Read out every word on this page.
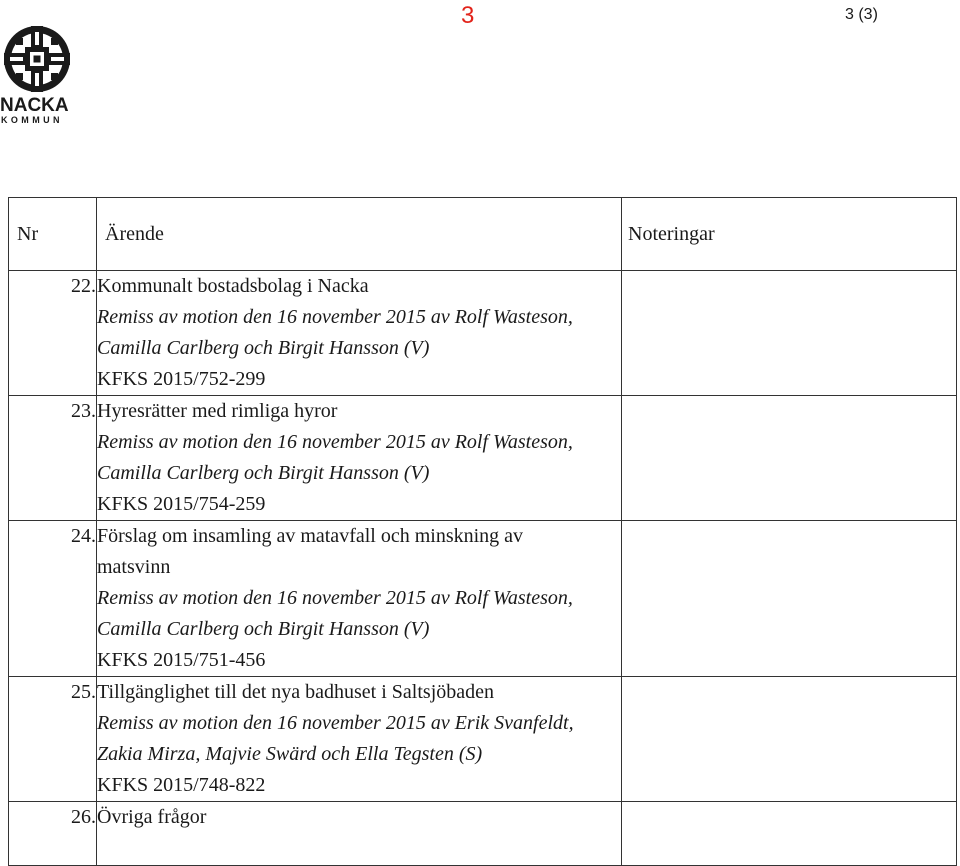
3	3 (3)
NACKA
KOMMUN
Nr	Ärende	Noteringar

22.	Kommunalt bostadsbolag i Nacka
Remiss av motion den 16 november 2015 av Rolf Wasteson,
Camilla Carlberg och Birgit Hansson (V)
KFKS 2015/752-299	

23.	Hyresrätter med rimliga hyror
Remiss av motion den 16 november 2015 av Rolf Wasteson,
Camilla Carlberg och Birgit Hansson (V)
KFKS 2015/754-259	

24.	Förslag om insamling av matavfall och minskning av
matsvinn
Remiss av motion den 16 november 2015 av Rolf Wasteson,
Camilla Carlberg och Birgit Hansson (V)
KFKS 2015/751-456	

25.	Tillgänglighet till det nya badhuset i Saltsjöbaden
Remiss av motion den 16 november 2015 av Erik Svanfeldt,
Zakia Mirza, Majvie Swärd och Ella Tegsten (S)
KFKS 2015/748-822	

26.	Övriga frågor	
